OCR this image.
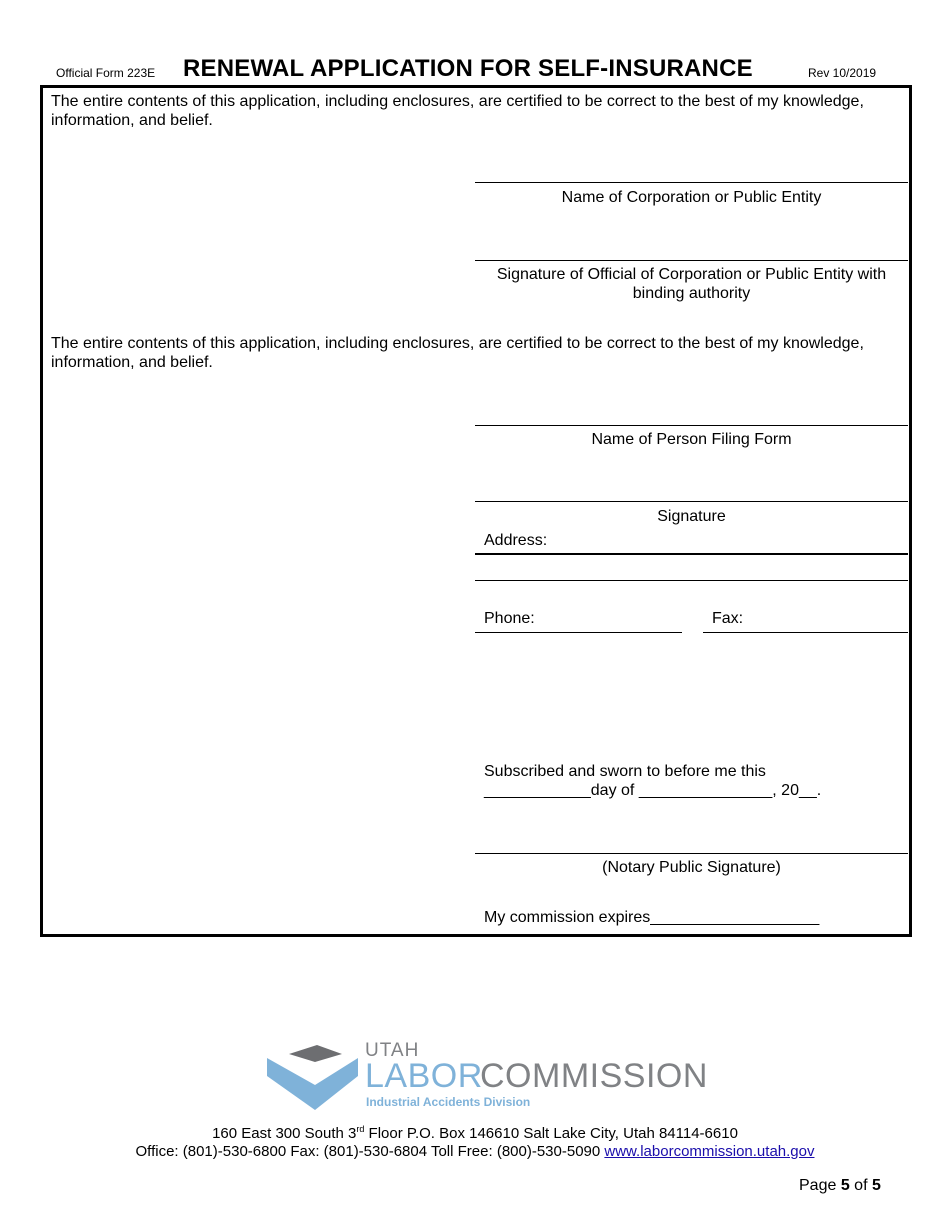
Official Form 223E RENEWAL APPLICATION FOR SELF-INSURANCE	Rev 10/2019
The entire contents of this application, including enclosures, are certified to be correct to the best of my knowledge, information, and belief.
Name of Corporation or Public Entity
Signature of Official of Corporation or Public Entity with binding authority
The entire contents of this application, including enclosures, are certified to be correct to the best of my knowledge, information, and belief.
Name of Person Filing Form
Signature
Address:
Phone:	Fax:
Subscribed and sworn to before me this
____________day of _______________, 20__.
(Notary Public Signature)
My commission expires___________________
UTAH
LABOR
COMMISSION
Industrial Accidents Division
160 East 300 South 3rd Floor P.O. Box 146610 Salt Lake City, Utah 84114-6610
Office: (801)-530-6800 Fax: (801)-530-6804 Toll Free: (800)-530-5090 www.laborcommission.utah.gov
Page 5 of 5
